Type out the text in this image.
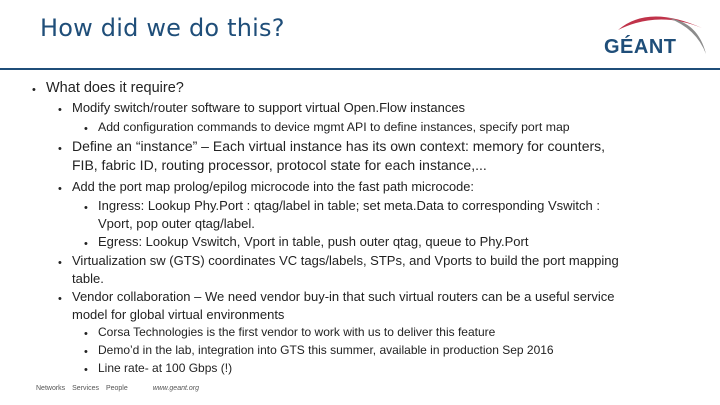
How did we do this?
GÉANT
• What does it require?
• Modify switch/router software to support virtual Open.Flow instances
• Add configuration commands to device mgmt API to define instances, specify port map
• Define an “instance” – Each virtual instance has its own context: memory for counters,
FIB, fabric ID, routing processor, protocol state for each instance,...
• Add the port map prolog/epilog microcode into the fast path microcode:
• Ingress: Lookup Phy.Port : qtag/label in table; set meta.Data to corresponding Vswitch :
Vport, pop outer qtag/label.
• Egress: Lookup Vswitch, Vport in table, push outer qtag, queue to Phy.Port
• Virtualization sw (GTS) coordinates VC tags/labels, STPs, and Vports to build the port mapping
table.
• Vendor collaboration – We need vendor buy-in that such virtual routers can be a useful service
model for global virtual environments
• Corsa Technologies is the first vendor to work with us to deliver this feature
• Demo’d in the lab, integration into GTS this summer, available in production Sep 2016
• Line rate- at 100 Gbps (!)
Networks Services People	www.geant.org
